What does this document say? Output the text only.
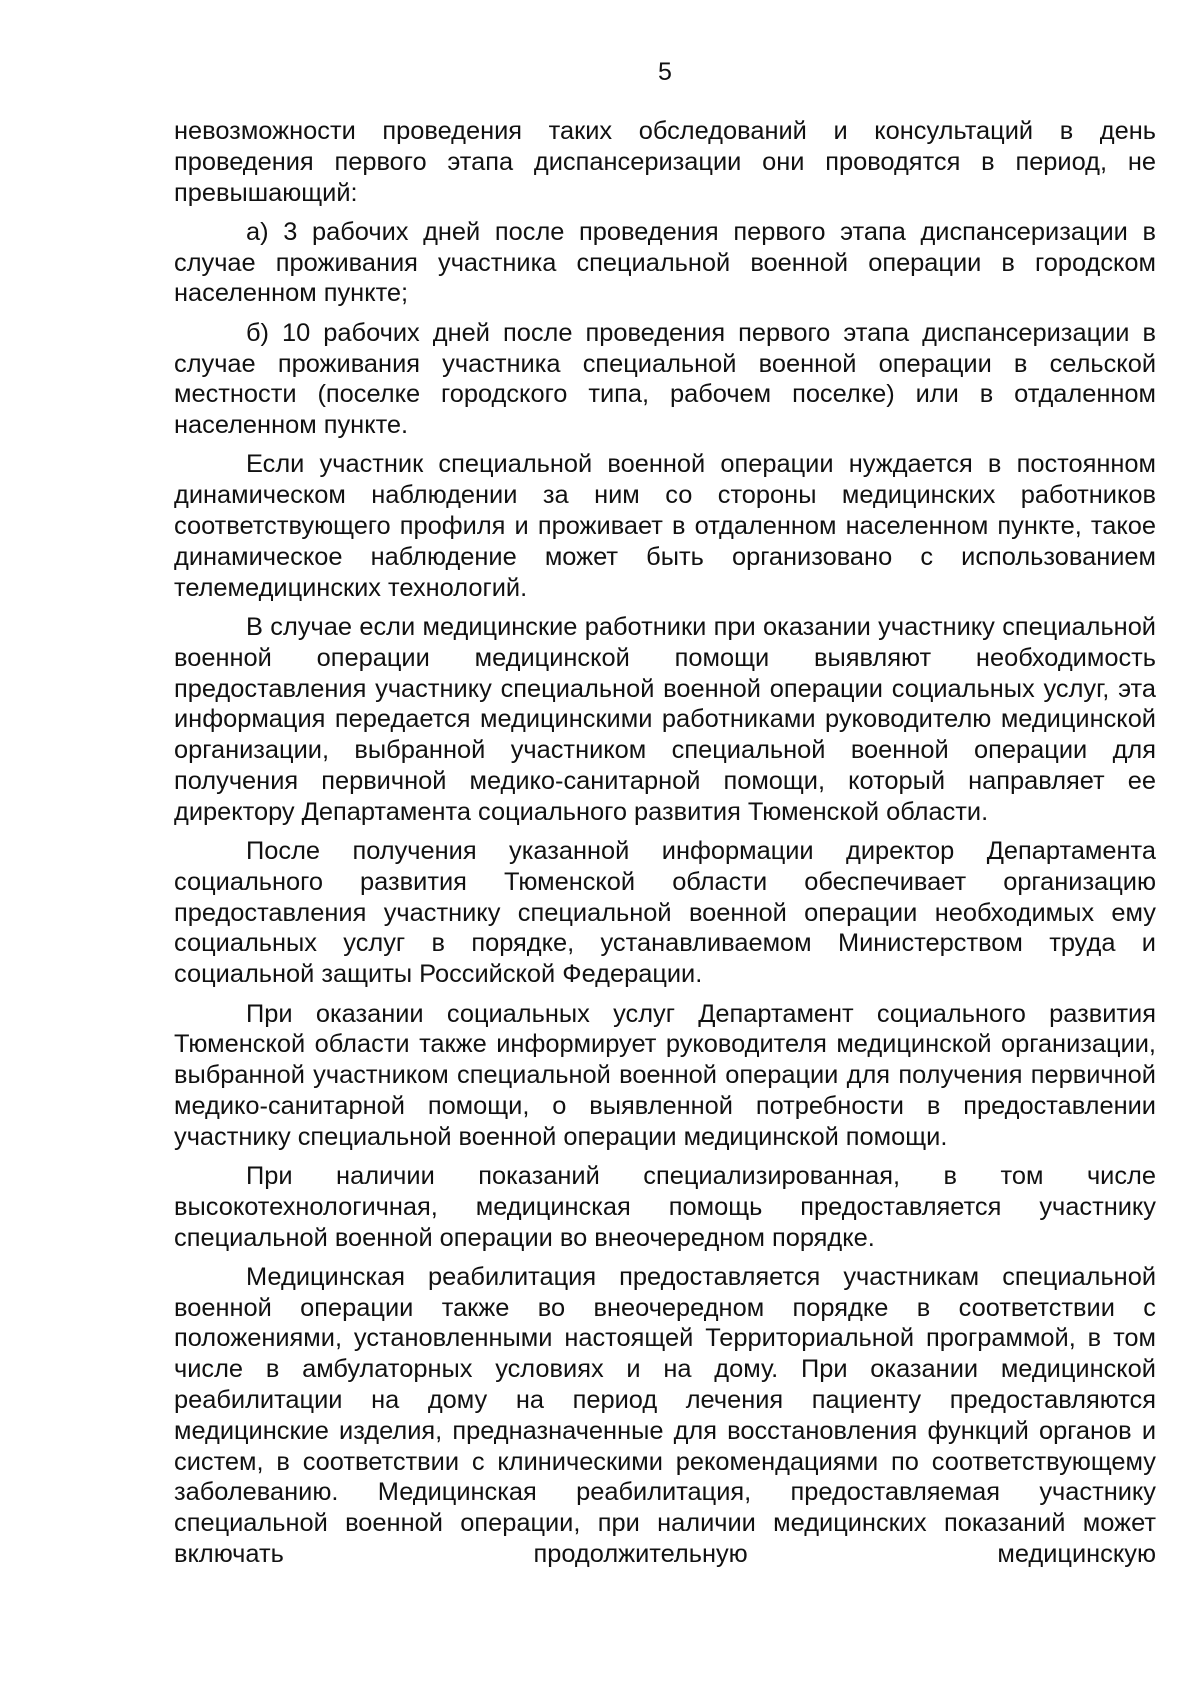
5

невозможности проведения таких обследований и консультаций в день проведения первого этапа диспансеризации они проводятся в период, не превышающий:

а) 3 рабочих дней после проведения первого этапа диспансеризации в случае проживания участника специальной военной операции в городском населенном пункте;

б) 10 рабочих дней после проведения первого этапа диспансеризации в случае проживания участника специальной военной операции в сельской местности (поселке городского типа, рабочем поселке) или в отдаленном населенном пункте.

Если участник специальной военной операции нуждается в постоянном динамическом наблюдении за ним со стороны медицинских работников соответствующего профиля и проживает в отдаленном населенном пункте, такое динамическое наблюдение может быть организовано с использованием телемедицинских технологий.

В случае если медицинские работники при оказании участнику специальной военной операции медицинской помощи выявляют необходимость предоставления участнику специальной военной операции социальных услуг, эта информация передается медицинскими работниками руководителю медицинской организации, выбранной участником специальной военной операции для получения первичной медико-санитарной помощи, который направляет ее директору Департамента социального развития Тюменской области.

После получения указанной информации директор Департамента социального развития Тюменской области обеспечивает организацию предоставления участнику специальной военной операции необходимых ему социальных услуг в порядке, устанавливаемом Министерством труда и социальной защиты Российской Федерации.

При оказании социальных услуг Департамент социального развития Тюменской области также информирует руководителя медицинской организации, выбранной участником специальной военной операции для получения первичной медико-санитарной помощи, о выявленной потребности в предоставлении участнику специальной военной операции медицинской помощи.

При наличии показаний специализированная, в том числе высокотехнологичная, медицинская помощь предоставляется участнику специальной военной операции во внеочередном порядке.

Медицинская реабилитация предоставляется участникам специальной военной операции также во внеочередном порядке в соответствии с положениями, установленными настоящей Территориальной программой, в том числе в амбулаторных условиях и на дому. При оказании медицинской реабилитации на дому на период лечения пациенту предоставляются медицинские изделия, предназначенные для восстановления функций органов и систем, в соответствии с клиническими рекомендациями по соответствующему заболеванию. Медицинская реабилитация, предоставляемая участнику специальной военной операции, при наличии медицинских показаний может включать продолжительную медицинскую
